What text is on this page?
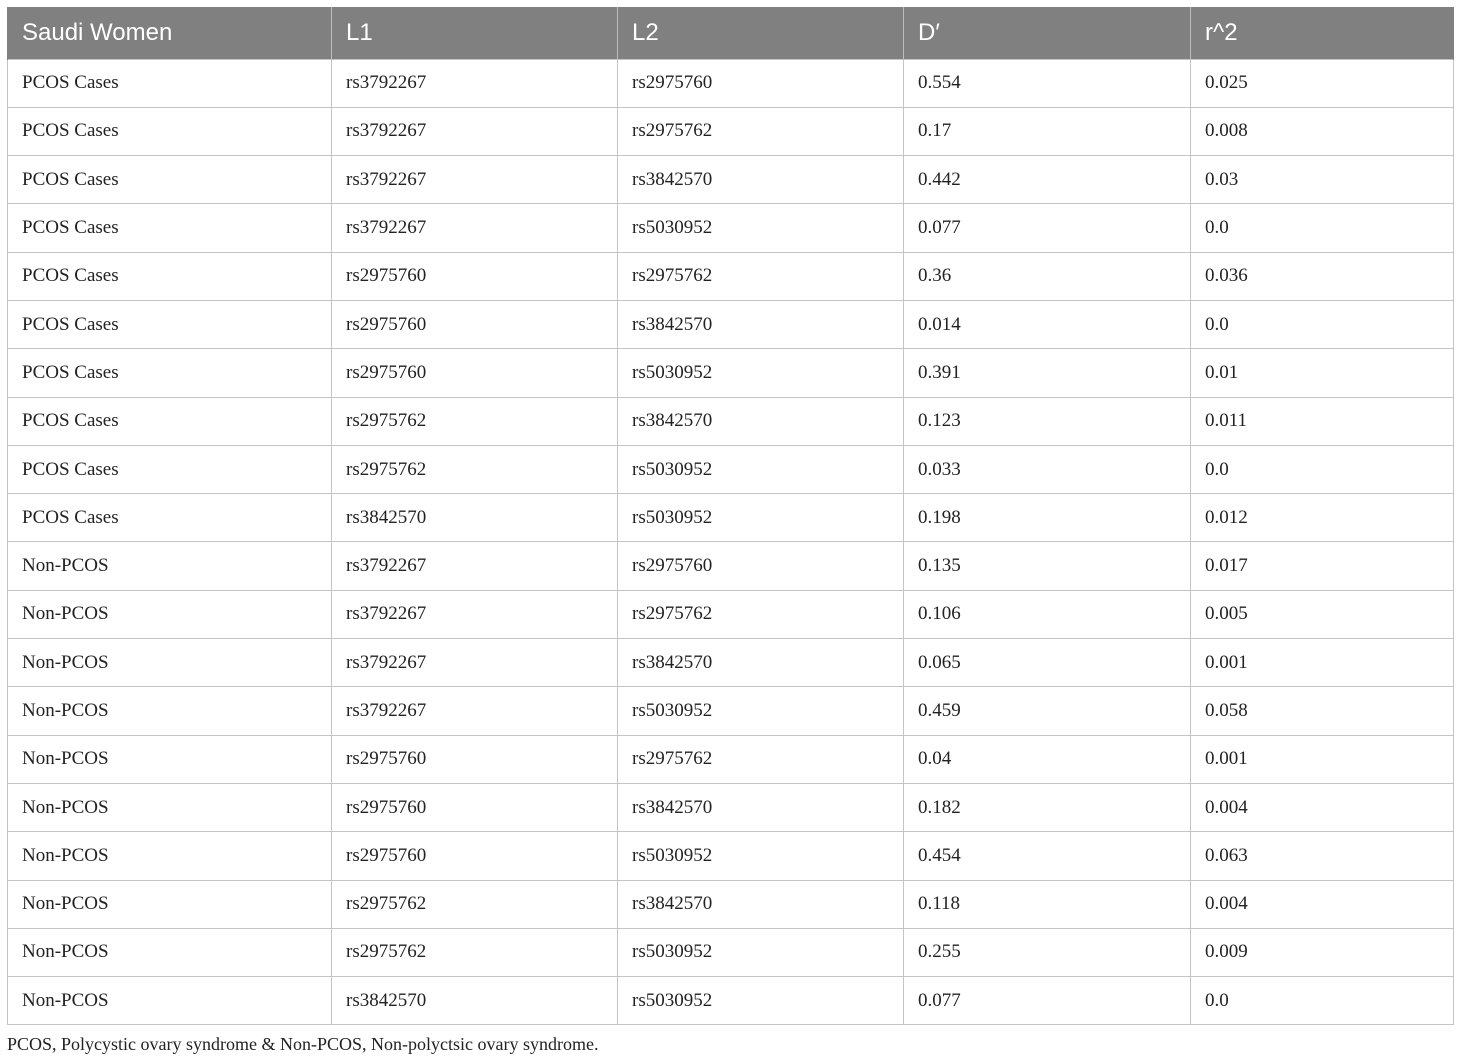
Saudi Women	L1	L2	D′	r^2
PCOS Cases	rs3792267	rs2975760	0.554	0.025
PCOS Cases	rs3792267	rs2975762	0.17	0.008
PCOS Cases	rs3792267	rs3842570	0.442	0.03
PCOS Cases	rs3792267	rs5030952	0.077	0.0
PCOS Cases	rs2975760	rs2975762	0.36	0.036
PCOS Cases	rs2975760	rs3842570	0.014	0.0
PCOS Cases	rs2975760	rs5030952	0.391	0.01
PCOS Cases	rs2975762	rs3842570	0.123	0.011
PCOS Cases	rs2975762	rs5030952	0.033	0.0
PCOS Cases	rs3842570	rs5030952	0.198	0.012
Non-PCOS	rs3792267	rs2975760	0.135	0.017
Non-PCOS	rs3792267	rs2975762	0.106	0.005
Non-PCOS	rs3792267	rs3842570	0.065	0.001
Non-PCOS	rs3792267	rs5030952	0.459	0.058
Non-PCOS	rs2975760	rs2975762	0.04	0.001
Non-PCOS	rs2975760	rs3842570	0.182	0.004
Non-PCOS	rs2975760	rs5030952	0.454	0.063
Non-PCOS	rs2975762	rs3842570	0.118	0.004
Non-PCOS	rs2975762	rs5030952	0.255	0.009
Non-PCOS	rs3842570	rs5030952	0.077	0.0
PCOS, Polycystic ovary syndrome & Non-PCOS, Non-polyctsic ovary syndrome.
